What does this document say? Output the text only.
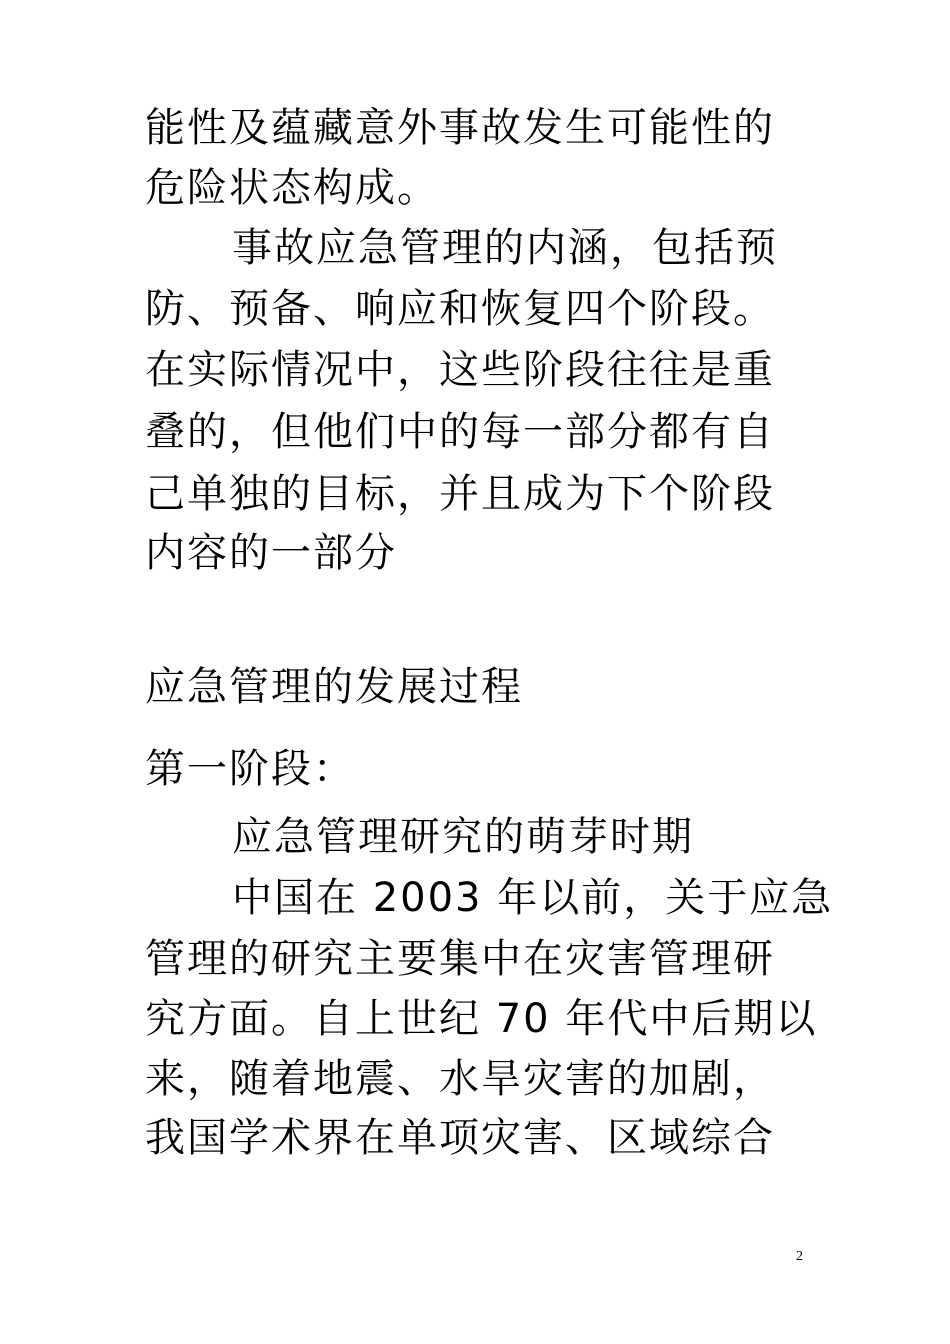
能性及蕴藏意外事故发生可能性的
危险状态构成。
事故应急管理的内涵，包括预
防、预备、响应和恢复四个阶段。
在实际情况中，这些阶段往往是重
叠的，但他们中的每一部分都有自
己单独的目标，并且成为下个阶段
内容的一部分
应急管理的发展过程
第一阶段：
应急管理研究的萌芽时期
中国在 2003 年以前，关于应急
管理的研究主要集中在灾害管理研
究方面。自上世纪 70 年代中后期以
来，随着地震、水旱灾害的加剧，
我国学术界在单项灾害、区域综合
2
